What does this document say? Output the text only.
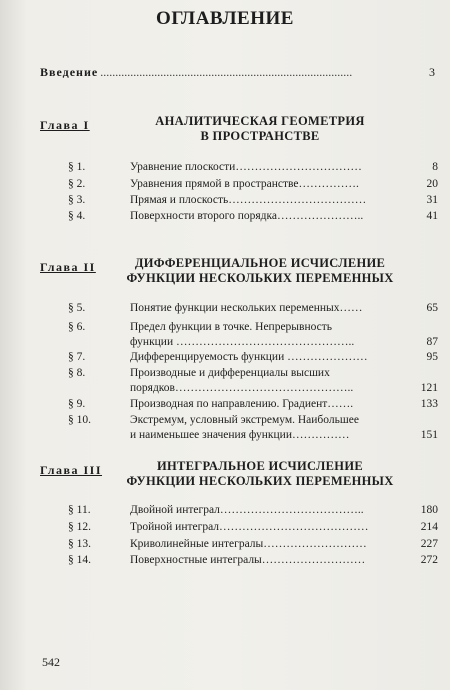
ОГЛАВЛЕНИЕ
Введение ....................................................................................	3
Глава I	АНАЛИТИЧЕСКАЯ ГЕОМЕТРИЯ
В ПРОСТРАНСТВЕ
§ 1.	Уравнение плоскости……………………………	8
§ 2.	Уравнения прямой в пространстве…………….	20
§ 3.	Прямая и плоскость………………………………	31
§ 4.	Поверхности второго порядка…………………..	41
Глава II	ДИФФЕРЕНЦИАЛЬНОЕ ИСЧИСЛЕНИЕ
ФУНКЦИИ НЕСКОЛЬКИХ ПЕРЕМЕННЫХ
§ 5.	Понятие функции нескольких переменных……	65
§ 6.	Предел функции в точке. Непрерывность
функции ………………………………………..	87
§ 7.	Дифференцируемость функции …………………	95
§ 8.	Производные и дифференциалы высших
порядков………………………………………..	121
§ 9.	Производная по направлению. Градиент…….	133
§ 10.	Экстремум, условный экстремум. Наибольшее
и наименьшее значения функции……………	151
Глава III	ИНТЕГРАЛЬНОЕ ИСЧИСЛЕНИЕ
ФУНКЦИИ НЕСКОЛЬКИХ ПЕРЕМЕННЫХ
§ 11.	Двойной интеграл………………………………..	180
§ 12.	Тройной интеграл…………………………………	214
§ 13.	Криволинейные интегралы………………………	227
§ 14.	Поверхностные интегралы………………………	272
542
